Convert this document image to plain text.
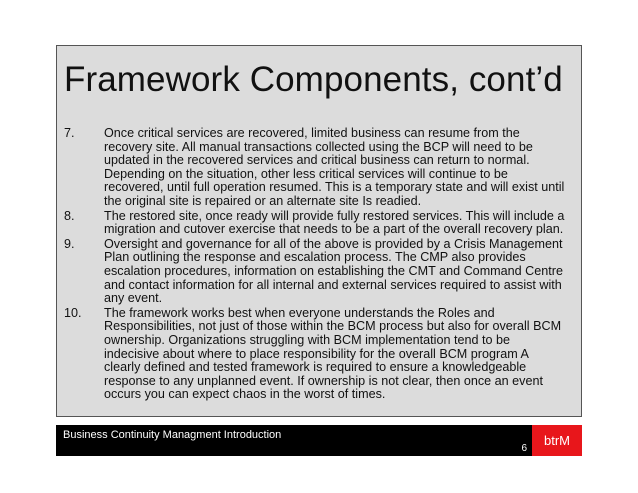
Framework Components, cont’d
7.	Once critical services are recovered, limited business can resume from the
recovery site. All manual transactions collected using the BCP will need to be
updated in the recovered services and critical business can return to normal.
Depending on the situation, other less critical services will continue to be
recovered, until full operation resumed. This is a temporary state and will exist until
the original site is repaired or an alternate site Is readied.
8.	The restored site, once ready will provide fully restored services. This will include a
migration and cutover exercise that needs to be a part of the overall recovery plan.
9.	Oversight and governance for all of the above is provided by a Crisis Management
Plan outlining the response and escalation process. The CMP also provides
escalation procedures, information on establishing the CMT and Command Centre
and contact information for all internal and external services required to assist with
any event.
10.	The framework works best when everyone understands the Roles and
Responsibilities, not just of those within the BCM process but also for overall BCM
ownership. Organizations struggling with BCM implementation tend to be
indecisive about where to place responsibility for the overall BCM program A
clearly defined and tested framework is required to ensure a knowledgeable
response to any unplanned event. If ownership is not clear, then once an event
occurs you can expect chaos in the worst of times.
Business Continuity Managment Introduction
6
btrM
